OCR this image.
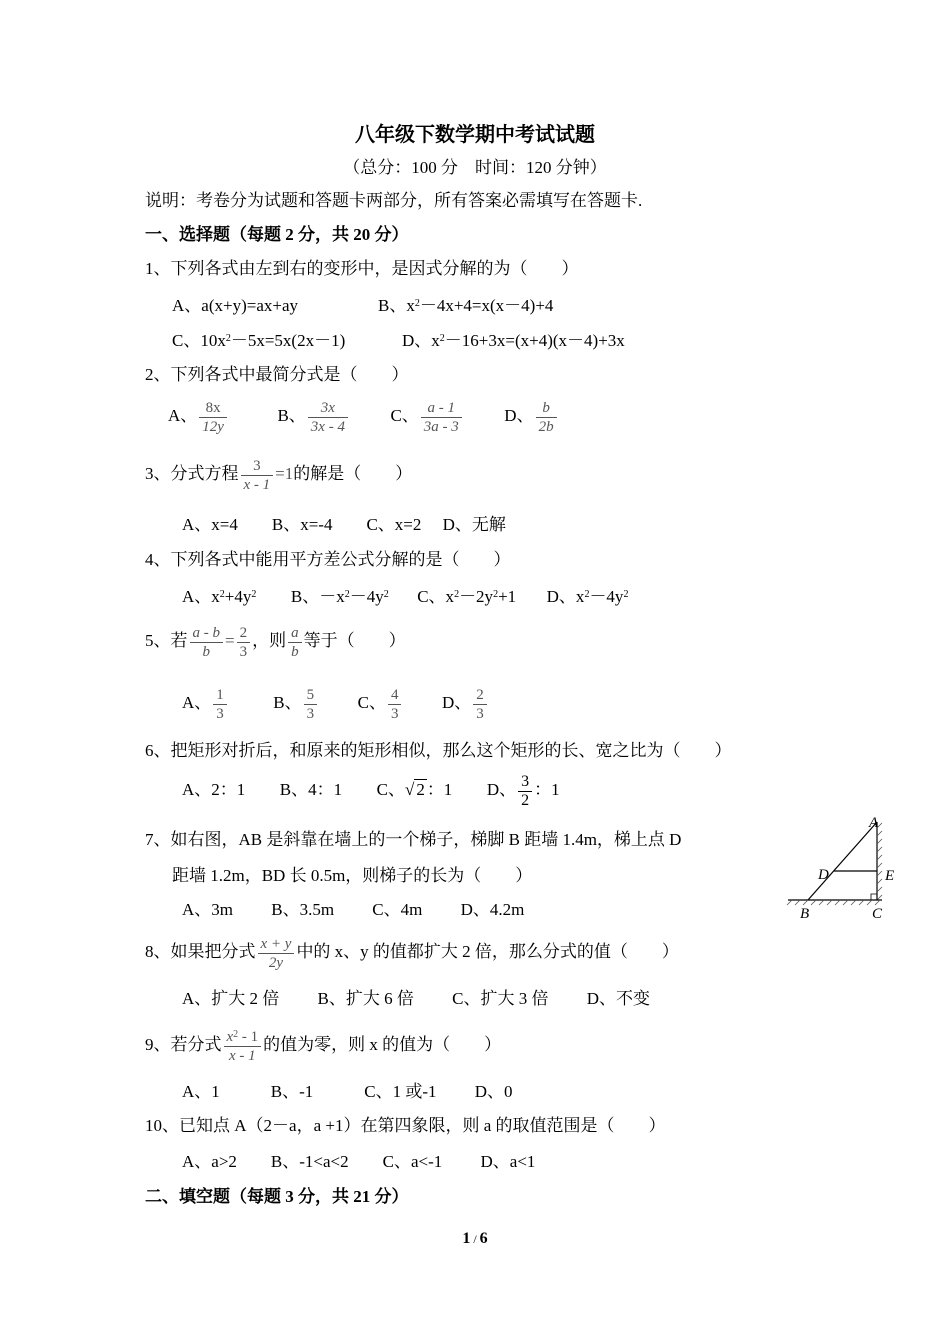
八年级下数学期中考试试题
（总分：100 分　时间：120 分钟）
说明：考卷分为试题和答题卡两部分，所有答案必需填写在答题卡.
一、选择题（每题 2 分，共 20 分）
1、下列各式由左到右的变形中，是因式分解的为（　　）
A、a(x+y)=ax+ay	B、$x^2-4x+4=x(x-4)+4$
C、$10x^2-5x=5x(2x-1)$	D、$x^2-16+3x=(x+4)(x-4)+3x$
2、下列各式中最简分式是（　　）
A、 $\frac{8x}{12y}$	B、 $\frac{3x}{3x - 4}$	C、 $\frac{a - 1}{3a - 3}$	D、 $\frac{b}{2b}$
3、分式方程 $\frac{3}{x - 1} =1$的解是（　　）
A、x=4　　B、x=-4　　C、x=2　 D、无解
4、下列各式中能用平方差公式分解的是（　　）
A、$x^2+4y^2$ B、$-x^2-4y^2$ C、$x^2-2y^2+1$ D、$x^2-4y^2$
5、若 $\frac{a - b}{b} = \frac{2}{3}$ ，则 $\frac{a}{b}$ 等于（　　）
A、 $\frac{1}{3}$	B、 $\frac{5}{3}$ C、 $\frac{4}{3}$ D、 $\frac{2}{3}$
6、把矩形对折后，和原来的矩形相似，那么这个矩形的长、宽之比为（　　）
A、2：1 B、4：1 C、√ 2 ：1 D、 $\frac{3}{2}$ ：1
7、如右图，AB 是斜靠在墙上的一个梯子，梯脚 B 距墙 1.4m，梯上点 D
距墙 1.2m，BD 长 0.5m，则梯子的长为（　　）
A、3m　　 B、3.5m　　 C、4m　　 D、4.2m
A
D	E
B	C
8、如果把分式 $\frac{x + y}{2y}$ 中的 x、y 的值都扩大 2 倍，那么分式的值（　　）
A、扩大 2 倍　　 B、扩大 6 倍　　 C、扩大 3 倍　　 D、不变
9、若分式 $\frac{x^2 - 1}{x - 1}$ 的值为零，则 x 的值为（　　）
A、1　　　B、-1　　　C、1 或-1　　 D、0
10、已知点 A（2－a，a +1）在第四象限，则 a 的取值范围是（　　）
A、a>2　　B、-1<a<2　　C、a<-1　　 D、a<1
二、填空题（每题 3 分，共 21 分）
1 / 6
